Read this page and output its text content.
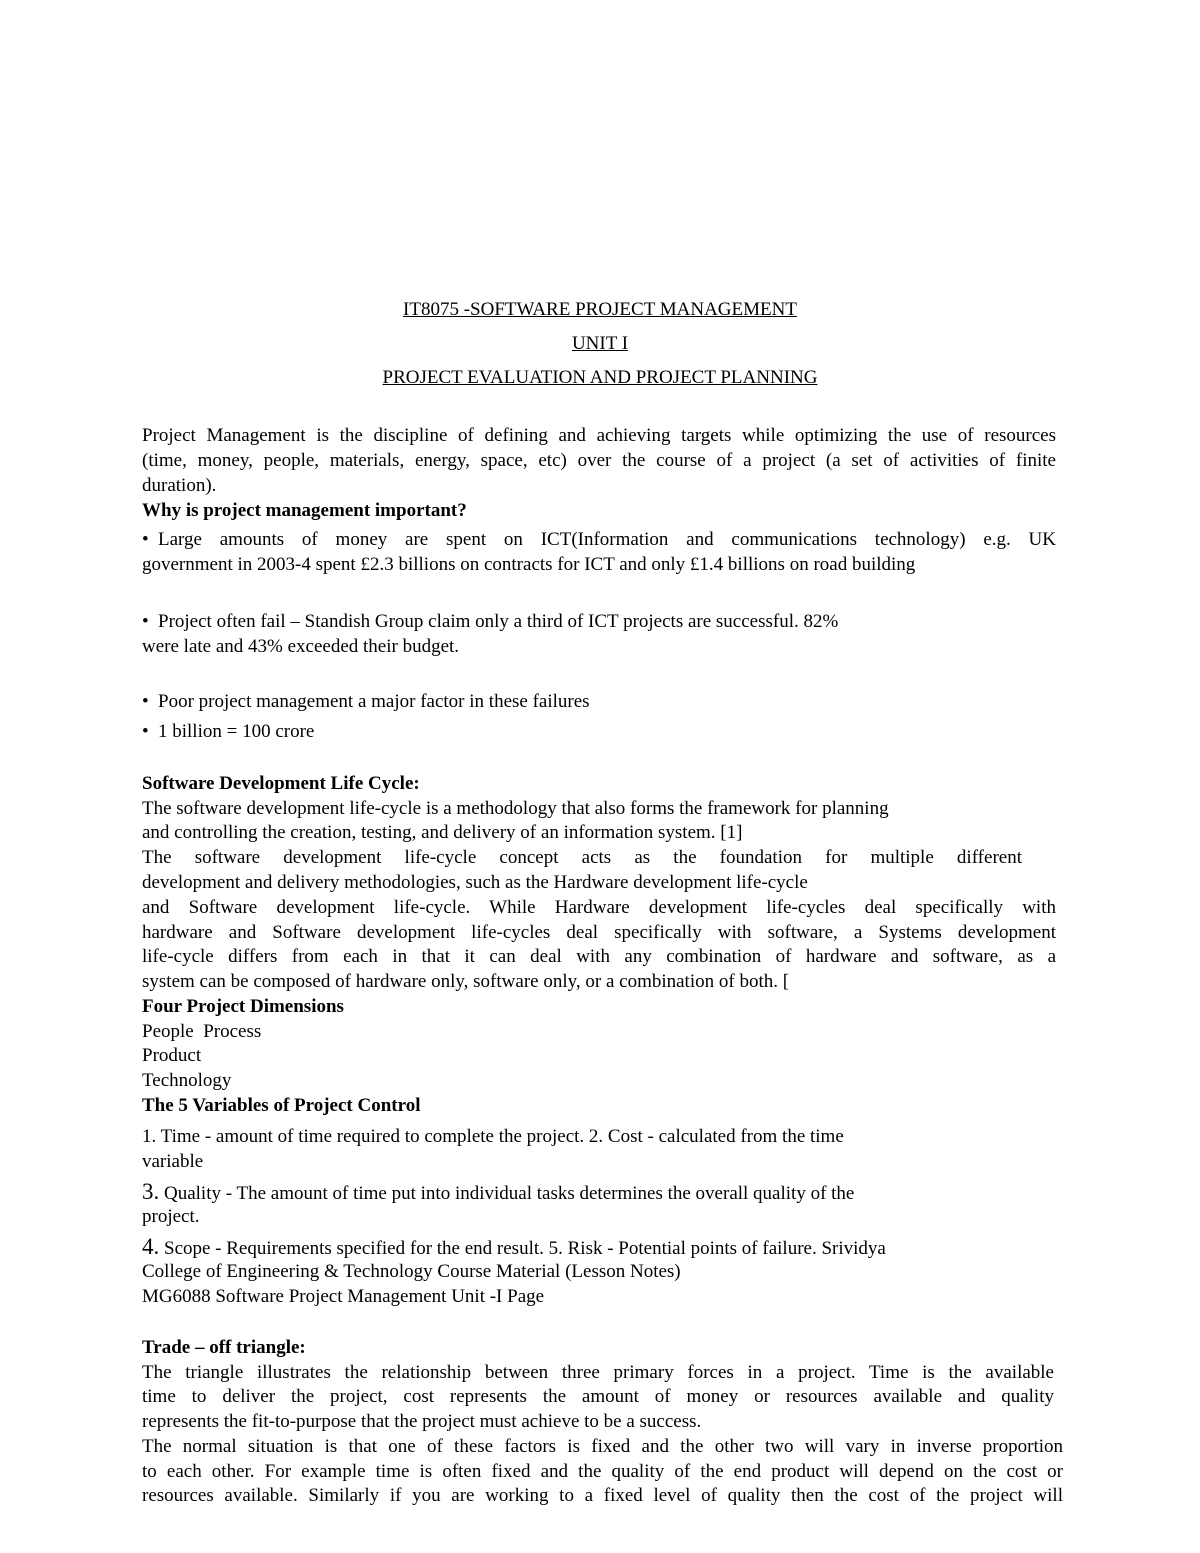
IT8075 -SOFTWARE PROJECT MANAGEMENT
UNIT I
PROJECT EVALUATION AND PROJECT PLANNING
Project Management is the discipline of defining and achieving targets while optimizing the use of resources
(time, money, people, materials, energy, space, etc) over the course of a project (a set of activities of finite
duration).
Why is project management important?
• Large amounts of money are spent on ICT(Information and communications technology) e.g. UK
government in 2003-4 spent £2.3 billions on contracts for ICT and only £1.4 billions on road building
• Project often fail – Standish Group claim only a third of ICT projects are successful. 82%
were late and 43% exceeded their budget.
• Poor project management a major factor in these failures
• 1 billion = 100 crore
Software Development Life Cycle:
The software development life-cycle is a methodology that also forms the framework for planning
and controlling the creation, testing, and delivery of an information system. [1]
The software development life-cycle concept acts as the foundation for multiple different
development and delivery methodologies, such as the Hardware development life-cycle
and Software development life-cycle. While Hardware development life-cycles deal specifically with
hardware and Software development life-cycles deal specifically with software, a Systems development
life-cycle differs from each in that it can deal with any combination of hardware and software, as a
system can be composed of hardware only, software only, or a combination of both. [
Four Project Dimensions
People  Process
Product
Technology
The 5 Variables of Project Control
1. Time - amount of time required to complete the project. 2. Cost - calculated from the time
variable
3. Quality - The amount of time put into individual tasks determines the overall quality of the
project.
4. Scope - Requirements specified for the end result. 5. Risk - Potential points of failure. Srividya
College of Engineering & Technology Course Material (Lesson Notes)
MG6088 Software Project Management Unit -I Page
Trade – off triangle:
The triangle illustrates the relationship between three primary forces in a project. Time is the available
time to deliver the project, cost represents the amount of money or resources available and quality
represents the fit-to-purpose that the project must achieve to be a success.
The normal situation is that one of these factors is fixed and the other two will vary in inverse proportion
to each other. For example time is often fixed and the quality of the end product will depend on the cost or
resources available. Similarly if you are working to a fixed level of quality then the cost of the project will
